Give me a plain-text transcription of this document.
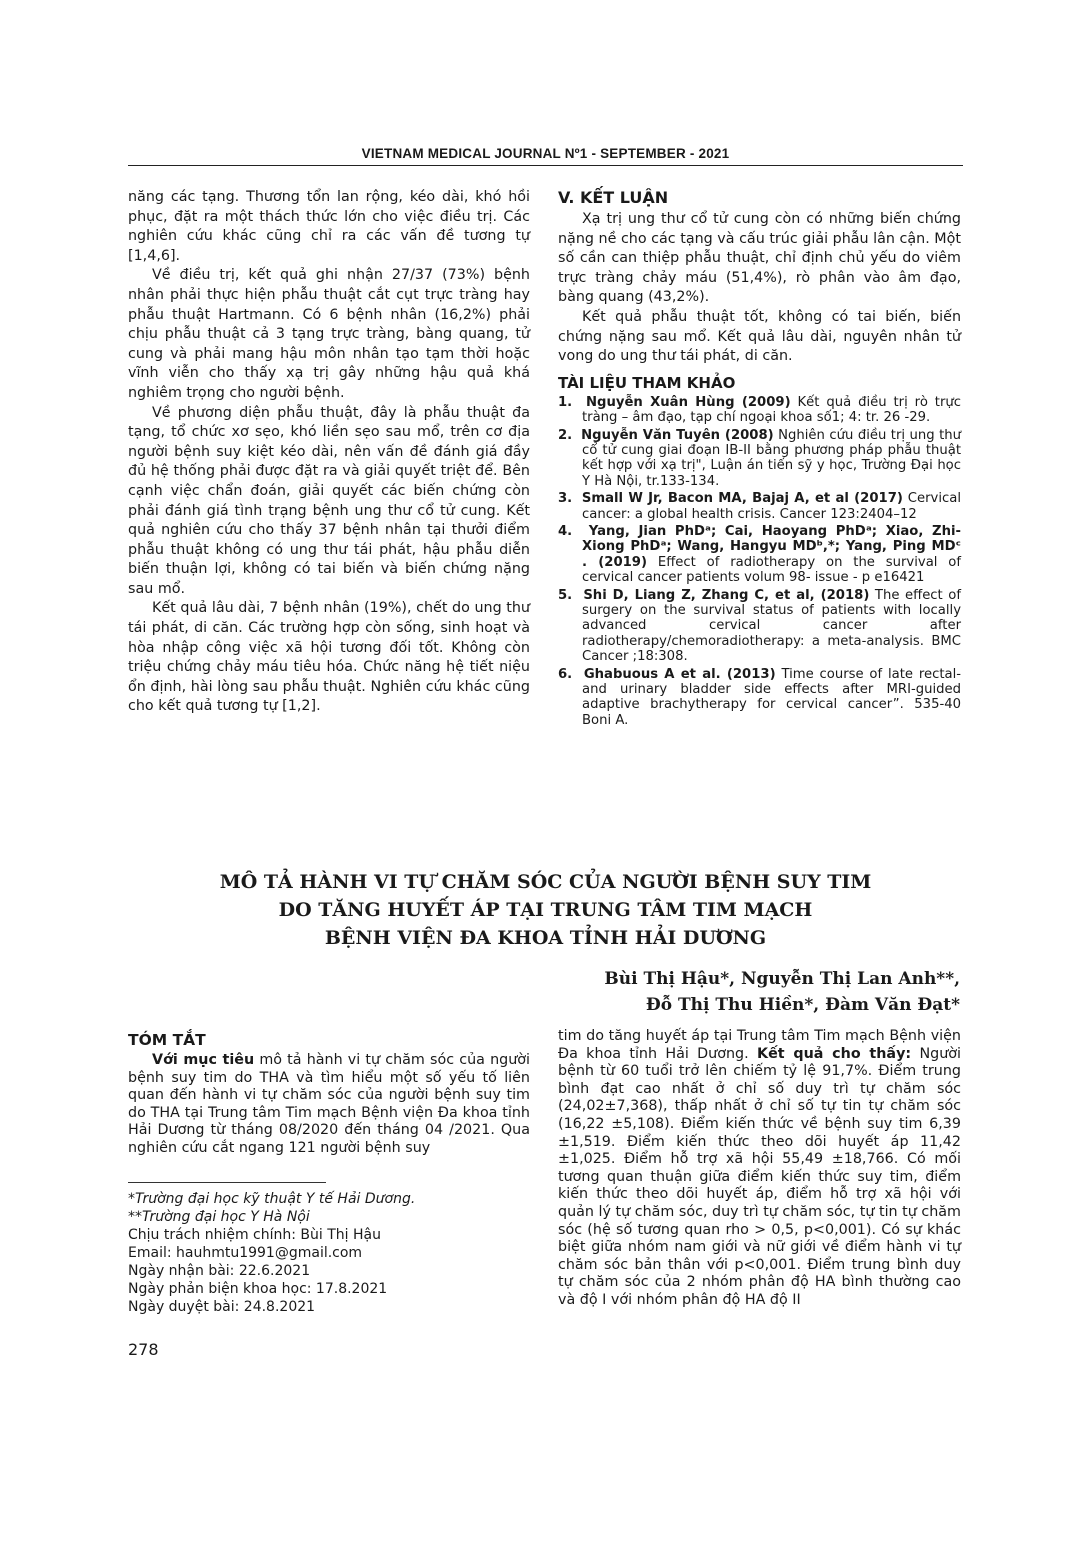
VIETNAM MEDICAL JOURNAL Nº1 - SEPTEMBER - 2021

năng các tạng. Thương tổn lan rộng, kéo dài, khó hồi phục, đặt ra một thách thức lớn cho việc điều trị. Các nghiên cứu khác cũng chỉ ra các vấn đề tương tự [1,4,6].

Về điều trị, kết quả ghi nhận 27/37 (73%) bệnh nhân phải thực hiện phẫu thuật cắt cụt trực tràng hay phẫu thuật Hartmann. Có 6 bệnh nhân (16,2%) phải chịu phẫu thuật cả 3 tạng trực tràng, bàng quang, tử cung và phải mang hậu môn nhân tạo tạm thời hoặc vĩnh viễn cho thấy xạ trị gây những hậu quả khá nghiêm trọng cho người bệnh.

Về phương diện phẫu thuật, đây là phẫu thuật đa tạng, tổ chức xơ sẹo, khó liền sẹo sau mổ, trên cơ địa người bệnh suy kiệt kéo dài, nên vấn đề đánh giá đầy đủ hệ thống phải được đặt ra và giải quyết triệt để. Bên cạnh việc chẩn đoán, giải quyết các biến chứng còn phải đánh giá tình trạng bệnh ung thư cổ tử cung. Kết quả nghiên cứu cho thấy 37 bệnh nhân tại thưởi điểm phẫu thuật không có ung thư tái phát, hậu phẫu diễn biến thuận lợi, không có tai biến và biến chứng nặng sau mổ.

Kết quả lâu dài, 7 bệnh nhân (19%), chết do ung thư tái phát, di căn. Các trường hợp còn sống, sinh hoạt và hòa nhập công việc xã hội tương đối tốt. Không còn triệu chứng chảy máu tiêu hóa. Chức năng hệ tiết niệu ổn định, hài lòng sau phẫu thuật. Nghiên cứu khác cũng cho kết quả tương tự [1,2].

V. KẾT LUẬN

Xạ trị ung thư cổ tử cung còn có những biến chứng nặng nề cho các tạng và cấu trúc giải phẫu lân cận. Một số cần can thiệp phẫu thuật, chỉ định chủ yếu do viêm trực tràng chảy máu (51,4%), rò phân vào âm đạo, bàng quang (43,2%).

Kết quả phẫu thuật tốt, không có tai biến, biến chứng nặng sau mổ. Kết quả lâu dài, nguyên nhân tử vong do ung thư tái phát, di căn.

TÀI LIỆU THAM KHẢO
1. Nguyễn Xuân Hùng (2009) Kết quả điều trị rò trực tràng – âm đạo, tạp chí ngoại khoa số1; 4: tr. 26 -29.
2. Nguyễn Văn Tuyên (2008) Nghiên cứu điều trị ung thư cổ tử cung giai đoạn IB-II bằng phương pháp phẫu thuật kết hợp với xạ trị", Luận án tiến sỹ y học, Trường Đại học Y Hà Nội, tr.133-134.
3. Small W Jr, Bacon MA, Bajaj A, et al (2017) Cervical cancer: a global health crisis. Cancer 123:2404–12
4. Yang, Jian PhDᵃ; Cai, Haoyang PhDᵃ; Xiao, Zhi-Xiong PhDᵃ; Wang, Hangyu MDᵇ,*; Yang, Ping MDᶜ . (2019) Effect of radiotherapy on the survival of cervical cancer patients volum 98- issue - p e16421
5. Shi D, Liang Z, Zhang C, et al, (2018) The effect of surgery on the survival status of patients with locally advanced cervical cancer after radiotherapy/chemoradiotherapy: a meta-analysis. BMC Cancer ;18:308.
6. Ghabuous A et al. (2013) Time course of late rectal- and urinary bladder side effects after MRI-guided adaptive brachytherapy for cervical cancer”. 535-40 Boni A.
MÔ TẢ HÀNH VI TỰ CHĂM SÓC CỦA NGƯỜI BỆNH SUY TIM
DO TĂNG HUYẾT ÁP TẠI TRUNG TÂM TIM MẠCH
BỆNH VIỆN ĐA KHOA TỈNH HẢI DƯƠNG
Bùi Thị Hậu*, Nguyễn Thị Lan Anh**,
Đỗ Thị Thu Hiền*, Đàm Văn Đạt*
TÓM TẮT

Với mục tiêu mô tả hành vi tự chăm sóc của người bệnh suy tim do THA và tìm hiểu một số yếu tố liên quan đến hành vi tự chăm sóc của người bệnh suy tim do THA tại Trung tâm Tim mạch Bệnh viện Đa khoa tỉnh Hải Dương từ tháng 08/2020 đến tháng 04 /2021. Qua nghiên cứu cắt ngang 121 người bệnh suy

tim do tăng huyết áp tại Trung tâm Tim mạch Bệnh viện Đa khoa tỉnh Hải Dương. Kết quả cho thấy: Người bệnh từ 60 tuổi trở lên chiếm tỷ lệ 91,7%. Điểm trung bình đạt cao nhất ở chỉ số duy trì tự chăm sóc (24,02±7,368), thấp nhất ở chỉ số tự tin tự chăm sóc (16,22 ±5,108). Điểm kiến thức về bệnh suy tim 6,39 ±1,519. Điểm kiến thức theo dõi huyết áp 11,42 ±1,025. Điểm hỗ trợ xã hội 55,49 ±18,766. Có mối tương quan thuận giữa điểm kiến thức suy tim, điểm kiến thức theo dõi huyết áp, điểm hỗ trợ xã hội với quản lý tự chăm sóc, duy trì tự chăm sóc, tự tin tự chăm sóc (hệ số tương quan rho > 0,5, p<0,001). Có sự khác biệt giữa nhóm nam giới và nữ giới về điểm hành vi tự chăm sóc bản thân với p<0,001. Điểm trung bình duy tự chăm sóc của 2 nhóm phân độ HA bình thường cao và độ I với nhóm phân độ HA độ II

*Trường đại học kỹ thuật Y tế Hải Dương.
**Trường đại học Y Hà Nội
Chịu trách nhiệm chính: Bùi Thị Hậu
Email: hauhmtu1991@gmail.com
Ngày nhận bài: 22.6.2021
Ngày phản biện khoa học: 17.8.2021
Ngày duyệt bài: 24.8.2021
278
